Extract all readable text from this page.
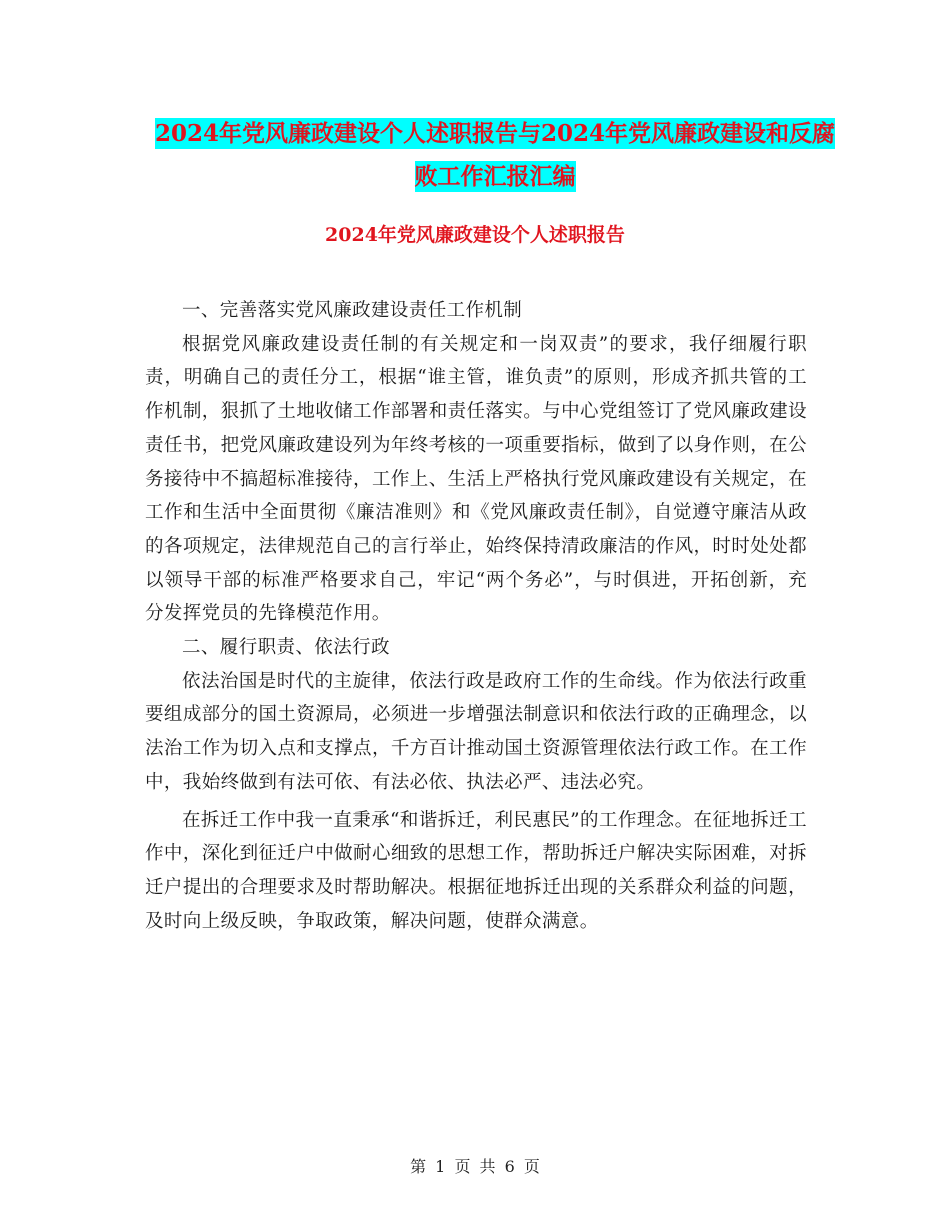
2024年党风廉政建设个人述职报告与2024年党风廉政建设和反腐败工作汇报汇编
2024年党风廉政建设个人述职报告

一、完善落实党风廉政建设责任工作机制

根据党风廉政建设责任制的有关规定和一岗双责”的要求，我仔细履行职责，明确自己的责任分工，根据“谁主管，谁负责”的原则，形成齐抓共管的工作机制，狠抓了土地收储工作部署和责任落实。与中心党组签订了党风廉政建设责任书，把党风廉政建设列为年终考核的一项重要指标，做到了以身作则，在公务接待中不搞超标准接待，工作上、生活上严格执行党风廉政建设有关规定，在工作和生活中全面贯彻《廉洁准则》和《党风廉政责任制》，自觉遵守廉洁从政的各项规定，法律规范自己的言行举止，始终保持清政廉洁的作风，时时处处都以领导干部的标准严格要求自己，牢记“两个务必”，与时俱进，开拓创新，充分发挥党员的先锋模范作用。

二、履行职责、依法行政

依法治国是时代的主旋律，依法行政是政府工作的生命线。作为依法行政重要组成部分的国土资源局，必须进一步增强法制意识和依法行政的正确理念，以法治工作为切入点和支撑点，千方百计推动国土资源管理依法行政工作。在工作中，我始终做到有法可依、有法必依、执法必严、违法必究。

在拆迁工作中我一直秉承“和谐拆迁，利民惠民”的工作理念。在征地拆迁工作中，深化到征迁户中做耐心细致的思想工作，帮助拆迁户解决实际困难，对拆迁户提出的合理要求及时帮助解决。根据征地拆迁出现的关系群众利益的问题，及时向上级反映，争取政策，解决问题，使群众满意。

第 1 页 共 6 页
